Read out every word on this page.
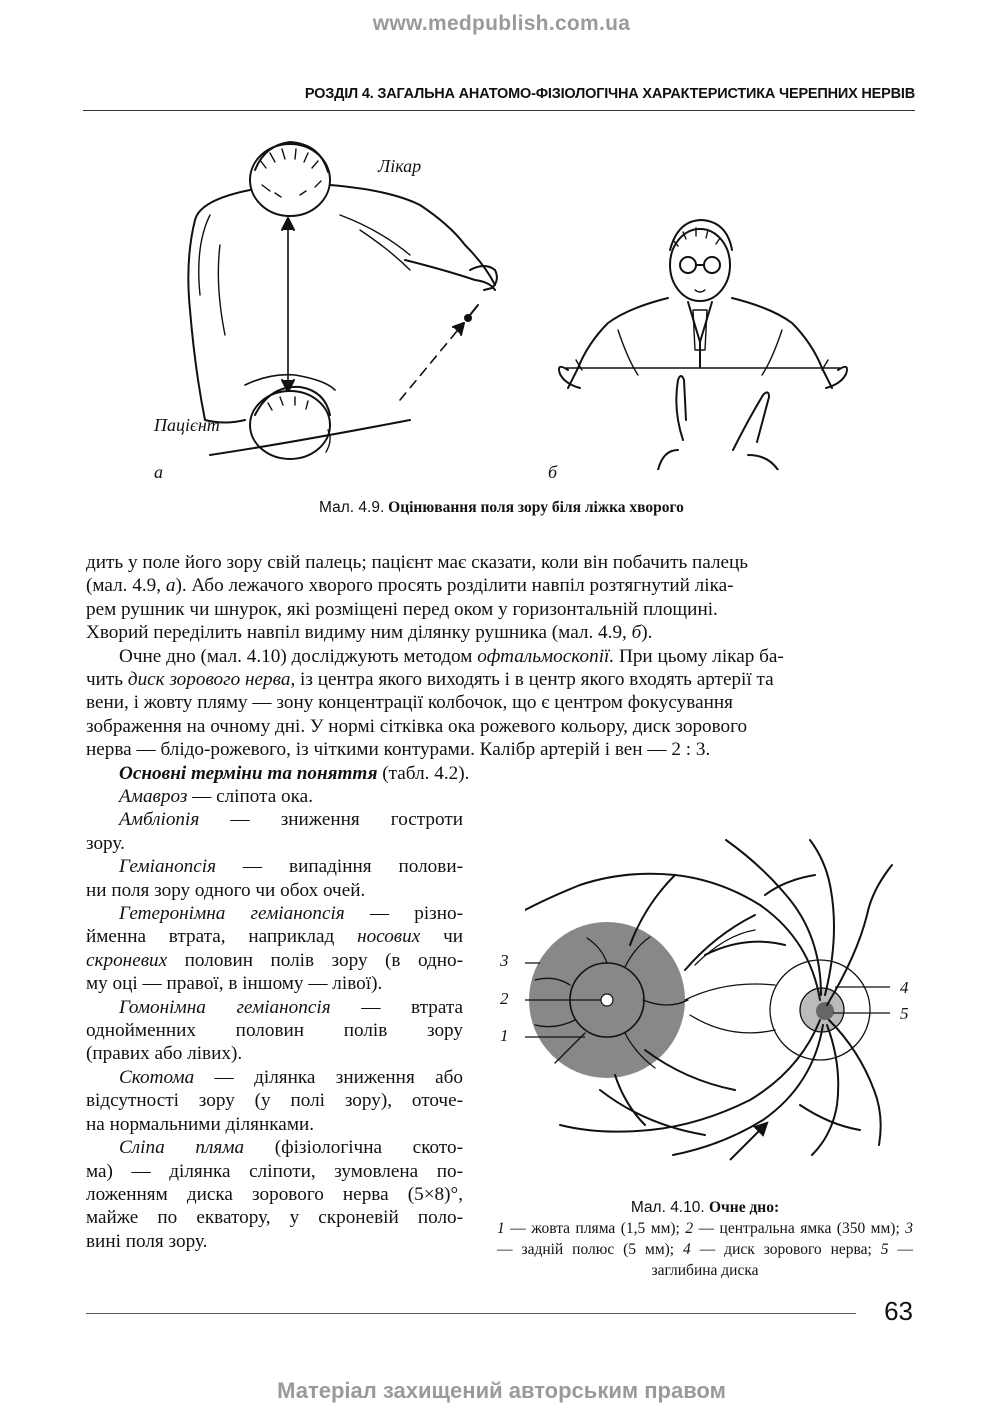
www.medpublish.com.ua
РОЗДІЛ 4. ЗАГАЛЬНА АНАТОМО-ФІЗІОЛОГІЧНА ХАРАКТЕРИСТИКА ЧЕРЕПНИХ НЕРВІВ
Лікар
Пацієнт
а	б
Мал. 4.9. Оцінювання поля зору біля ліжка хворого

дить у поле його зору свій палець; пацієнт має сказати, коли він побачить палець

(мал. 4.9, а). Або лежачого хворого просять розділити навпіл розтягнутий ліка-

рем рушник чи шнурок, які розміщені перед оком у горизонтальній площині.

Хворий переділить навпіл видиму ним ділянку рушника (мал. 4.9, б).

Очне дно (мал. 4.10) досліджують методом офтальмоскопії. При цьому лікар ба-

чить диск зорового нерва, із центра якого виходять і в центр якого входять артерії та

вени, і жовту пляму — зону концентрації колбочок, що є центром фокусування

зображення на очному дні. У нормі сітківка ока рожевого кольору, диск зорового

нерва — блідо-рожевого, із чіткими контурами. Калібр артерій і вен — 2 : 3.

Основні терміни та поняття (табл. 4.2).

Амавроз — сліпота ока.

Амбліопія — зниження гостроти

зору.

Геміанопсія — випадіння полови-

ни поля зору одного чи обох очей.

Гетеронімна геміанопсія — різно-

йменна втрата, наприклад носових чи

скроневих половин полів зору (в одно-

му оці — правої, в іншому — лівої).

Гомонімна геміанопсія — втрата

однойменних половин полів зору

(правих або лівих).

Скотома — ділянка зниження або

відсутності зору (у полі зору), оточе-

на нормальними ділянками.

Сліпа пляма (фізіологічна ското-

ма) — ділянка сліпоти, зумовлена по-

ложенням диска зорового нерва (5×8)°,

майже по екватору, у скроневій поло-

вині поля зору.

3
2
1
4
5
Мал. 4.10. Очне дно:
1 — жовта пляма (1,5 мм); 2 — центральна ямка (350 мм); 3 — задній полюс (5 мм); 4 — диск зорового нерва; 5 — заглибина диска
63
Матеріал захищений авторським правом
